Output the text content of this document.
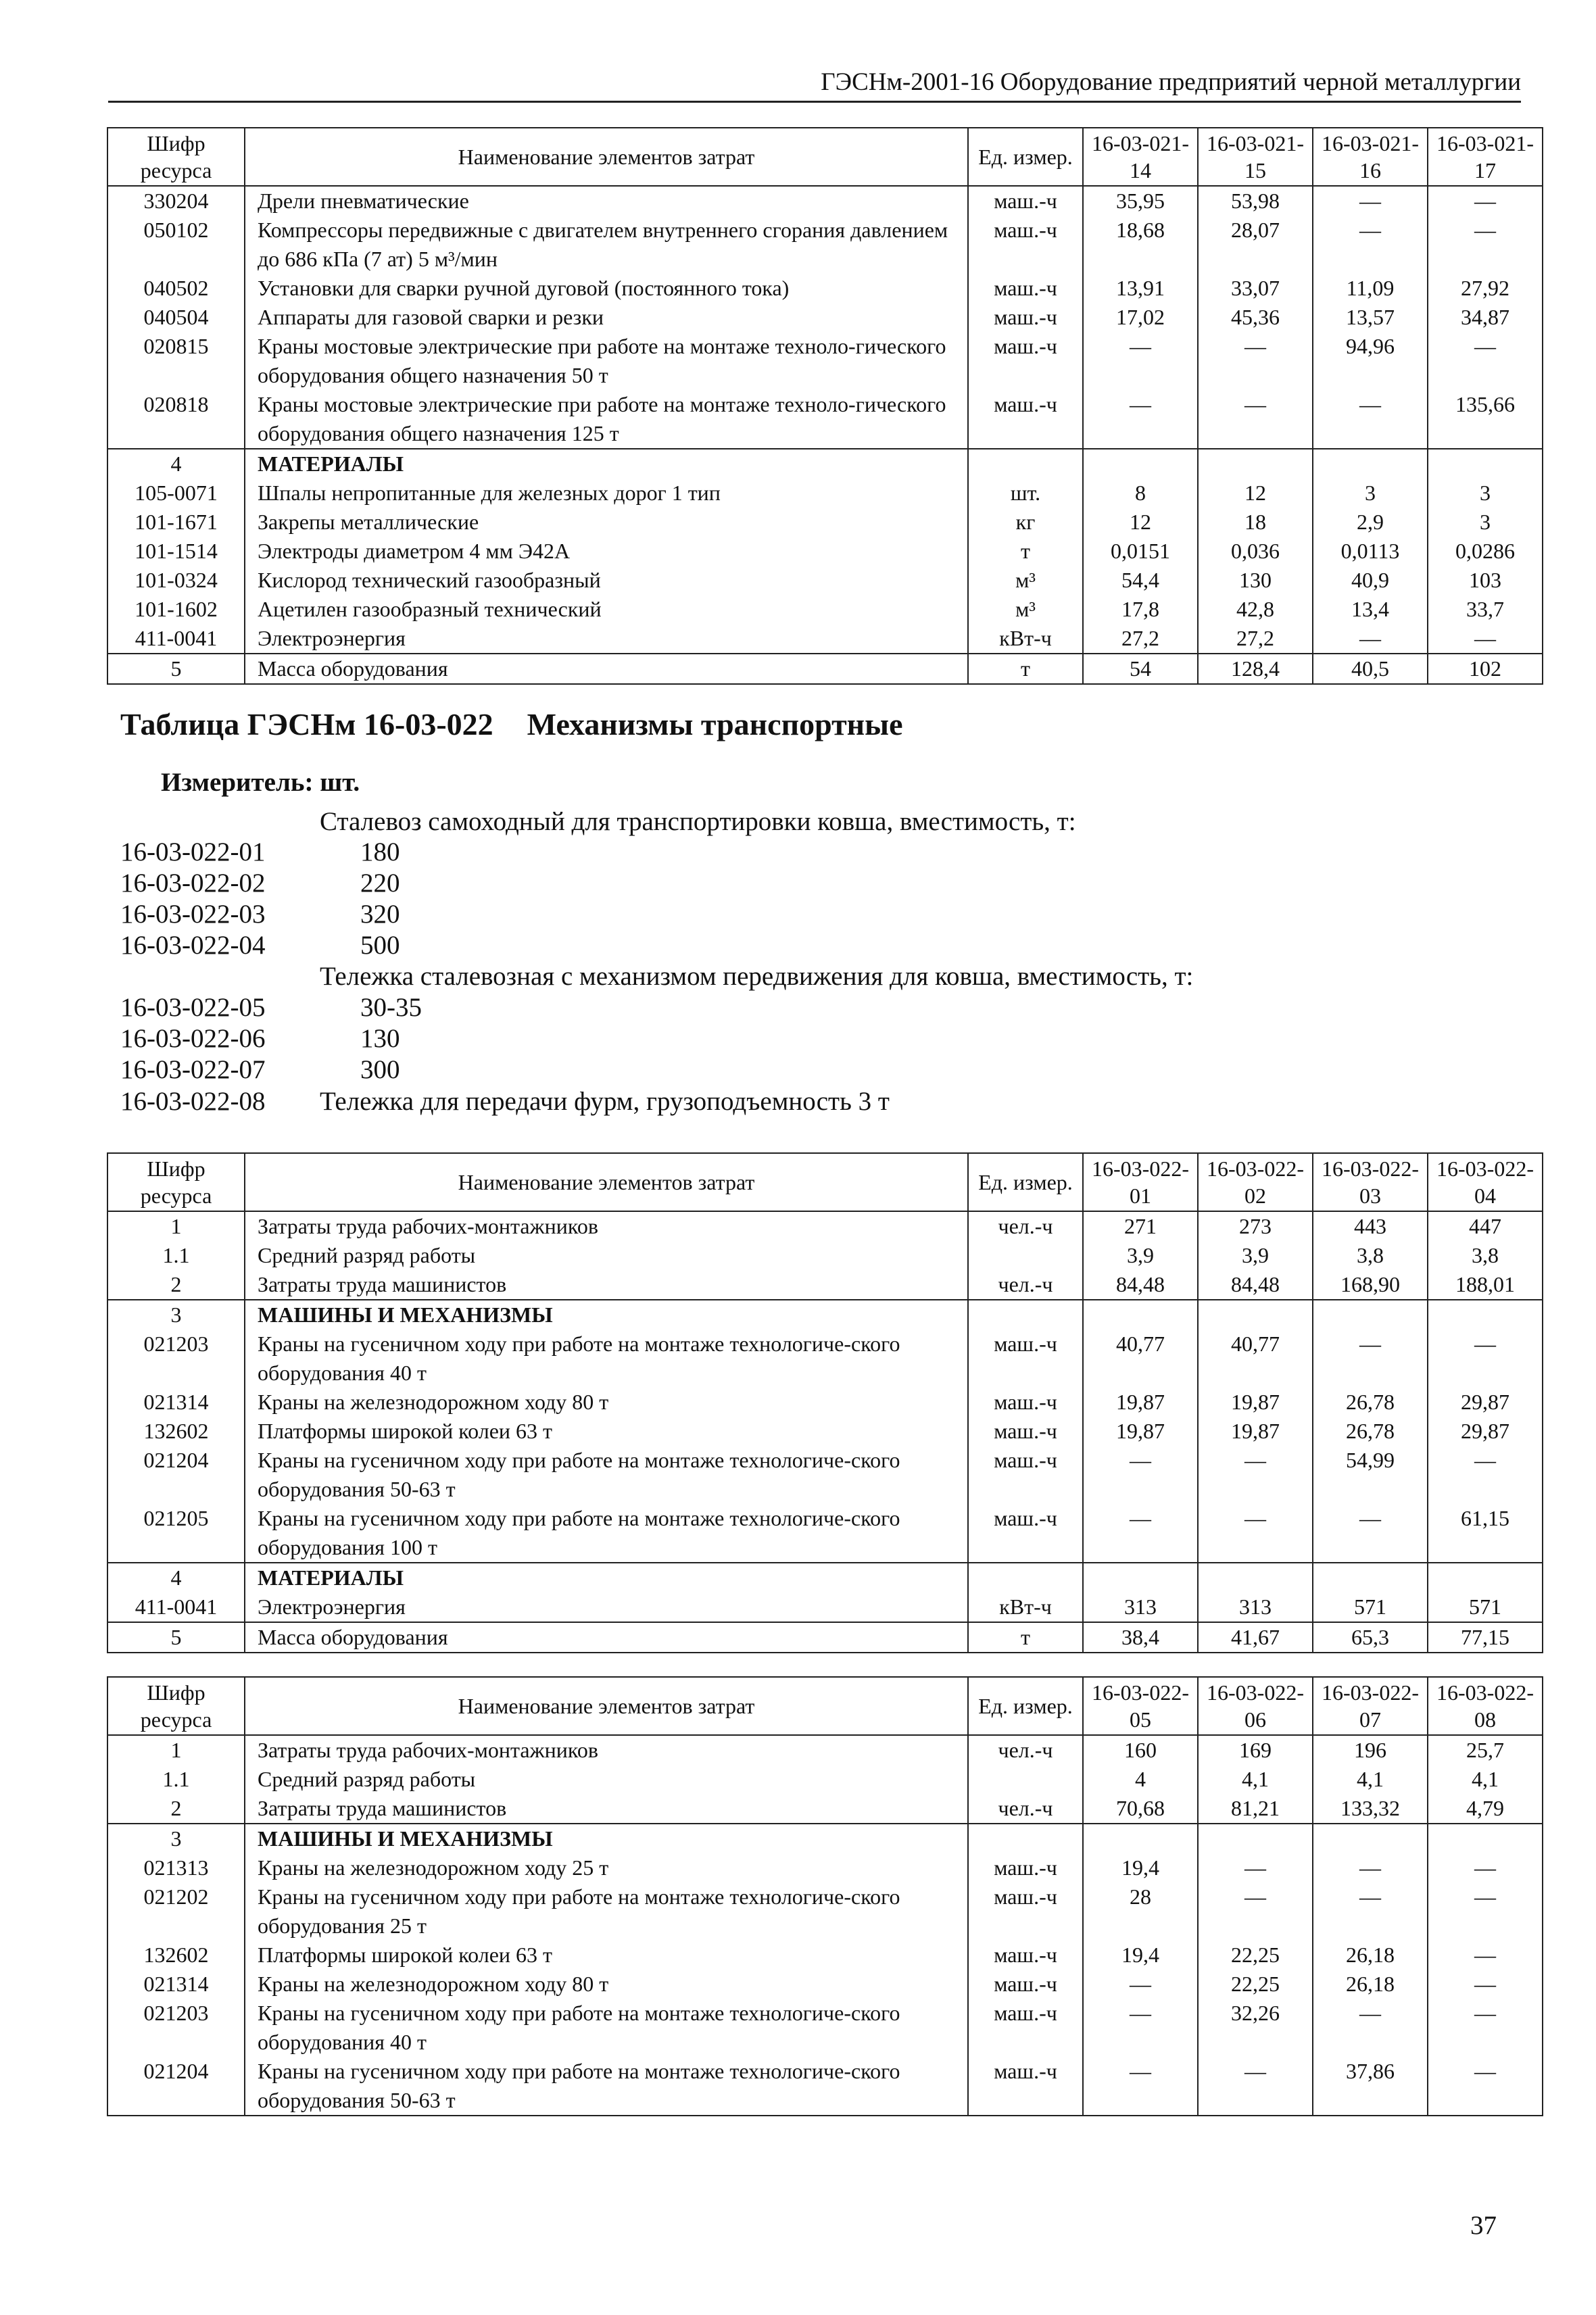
ГЭСНм-2001-16 Оборудование предприятий черной металлургии
Шифр ресурса	Наименование элементов затрат	Ед. измер.	16-03-021-14	16-03-021-15	16-03-021-16	16-03-021-17
330204	Дрели пневматические	маш.-ч	35,95	53,98	—	—
050102	Компрессоры передвижные с двигателем внутреннего сгорания давлением до 686 кПа (7 ат) 5 м³/мин	маш.-ч	18,68	28,07	—	—
040502	Установки для сварки ручной дуговой (постоянного тока)	маш.-ч	13,91	33,07	11,09	27,92
040504	Аппараты для газовой сварки и резки	маш.-ч	17,02	45,36	13,57	34,87
020815	Краны мостовые электрические при работе на монтаже техноло-гического оборудования общего назначения 50 т	маш.-ч	—	—	94,96	—
020818	Краны мостовые электрические при работе на монтаже техноло-гического оборудования общего назначения 125 т	маш.-ч	—	—	—	135,66
4	МАТЕРИАЛЫ					
105-0071	Шпалы непропитанные для железных дорог 1 тип	шт.	8	12	3	3
101-1671	Закрепы металлические	кг	12	18	2,9	3
101-1514	Электроды диаметром 4 мм Э42А	т	0,0151	0,036	0,0113	0,0286
101-0324	Кислород технический газообразный	м³	54,4	130	40,9	103
101-1602	Ацетилен газообразный технический	м³	17,8	42,8	13,4	33,7
411-0041	Электроэнергия	кВт-ч	27,2	27,2	—	—
5	Масса оборудования	т	54	128,4	40,5	102
Таблица ГЭСНм 16-03-022 Механизмы транспортные
Измеритель: шт.
Сталевоз самоходный для транспортировки ковша, вместимость, т:
16-03-022-01	180
16-03-022-02	220
16-03-022-03	320
16-03-022-04	500
Тележка сталевозная с механизмом передвижения для ковша, вместимость, т:
16-03-022-05	30-35
16-03-022-06	130
16-03-022-07	300
16-03-022-08 Тележка для передачи фурм, грузоподъемность 3 т
Шифр ресурса	Наименование элементов затрат	Ед. измер.	16-03-022-01	16-03-022-02	16-03-022-03	16-03-022-04
1	Затраты труда рабочих-монтажников	чел.-ч	271	273	443	447
1.1	Средний разряд работы		3,9	3,9	3,8	3,8
2	Затраты труда машинистов	чел.-ч	84,48	84,48	168,90	188,01
3	МАШИНЫ И МЕХАНИЗМЫ					
021203	Краны на гусеничном ходу при работе на монтаже технологиче-ского оборудования 40 т	маш.-ч	40,77	40,77	—	—
021314	Краны на железнодорожном ходу 80 т	маш.-ч	19,87	19,87	26,78	29,87
132602	Платформы широкой колеи 63 т	маш.-ч	19,87	19,87	26,78	29,87
021204	Краны на гусеничном ходу при работе на монтаже технологиче-ского оборудования 50-63 т	маш.-ч	—	—	54,99	—
021205	Краны на гусеничном ходу при работе на монтаже технологиче-ского оборудования 100 т	маш.-ч	—	—	—	61,15
4	МАТЕРИАЛЫ					
411-0041	Электроэнергия	кВт-ч	313	313	571	571
5	Масса оборудования	т	38,4	41,67	65,3	77,15
Шифр ресурса	Наименование элементов затрат	Ед. измер.	16-03-022-05	16-03-022-06	16-03-022-07	16-03-022-08
1	Затраты труда рабочих-монтажников	чел.-ч	160	169	196	25,7
1.1	Средний разряд работы		4	4,1	4,1	4,1
2	Затраты труда машинистов	чел.-ч	70,68	81,21	133,32	4,79
3	МАШИНЫ И МЕХАНИЗМЫ					
021313	Краны на железнодорожном ходу 25 т	маш.-ч	19,4	—	—	—
021202	Краны на гусеничном ходу при работе на монтаже технологиче-ского оборудования 25 т	маш.-ч	28	—	—	—
132602	Платформы широкой колеи 63 т	маш.-ч	19,4	22,25	26,18	—
021314	Краны на железнодорожном ходу 80 т	маш.-ч	—	22,25	26,18	—
021203	Краны на гусеничном ходу при работе на монтаже технологиче-ского оборудования 40 т	маш.-ч	—	32,26	—	—
021204	Краны на гусеничном ходу при работе на монтаже технологиче-ского оборудования 50-63 т	маш.-ч	—	—	37,86	—
37
